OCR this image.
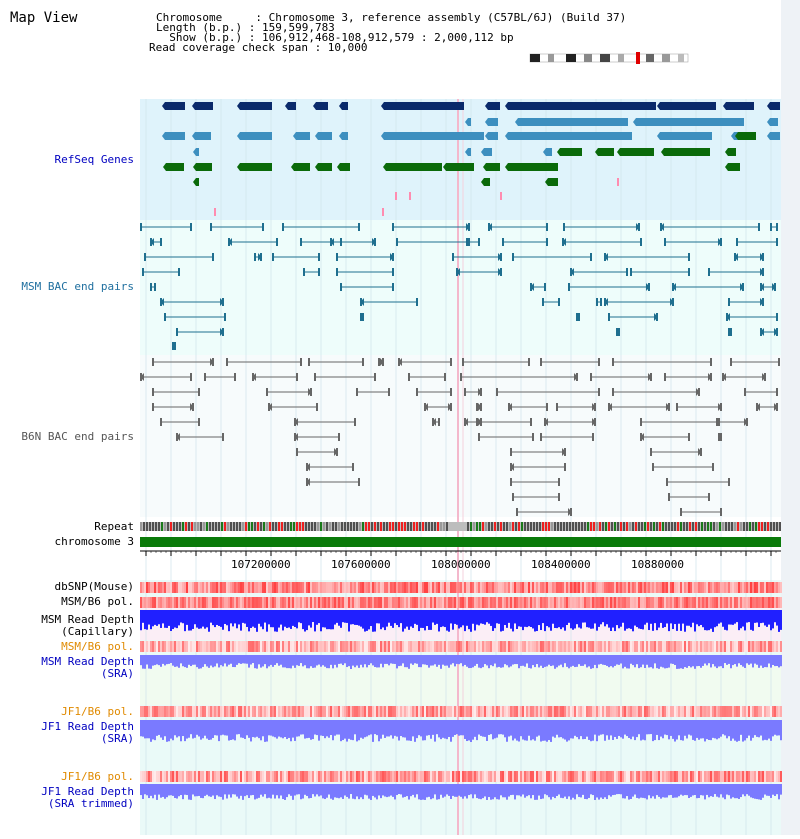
Map View	Chromosome     : Chromosome 3, reference assembly (C57BL/6J) (Build 37)
Length (b.p.) : 159,599,783
Show (b.p.) : 106,912,468-108,912,579 : 2,000,112 bp
Read coverage check span : 10,000
RefSeq Genes
MSM BAC end pairs
B6N BAC end pairs
Repeat
chromosome 3
dbSNP(Mouse)
MSM/B6 pol.
MSM Read Depth
(Capillary)
MSM/B6 pol.
MSM Read Depth
(SRA)
JF1/B6 pol.
JF1 Read Depth
(SRA)
JF1/B6 pol.
JF1 Read Depth
(SRA trimmed)
107200000	107600000	108000000	108400000	10880000
